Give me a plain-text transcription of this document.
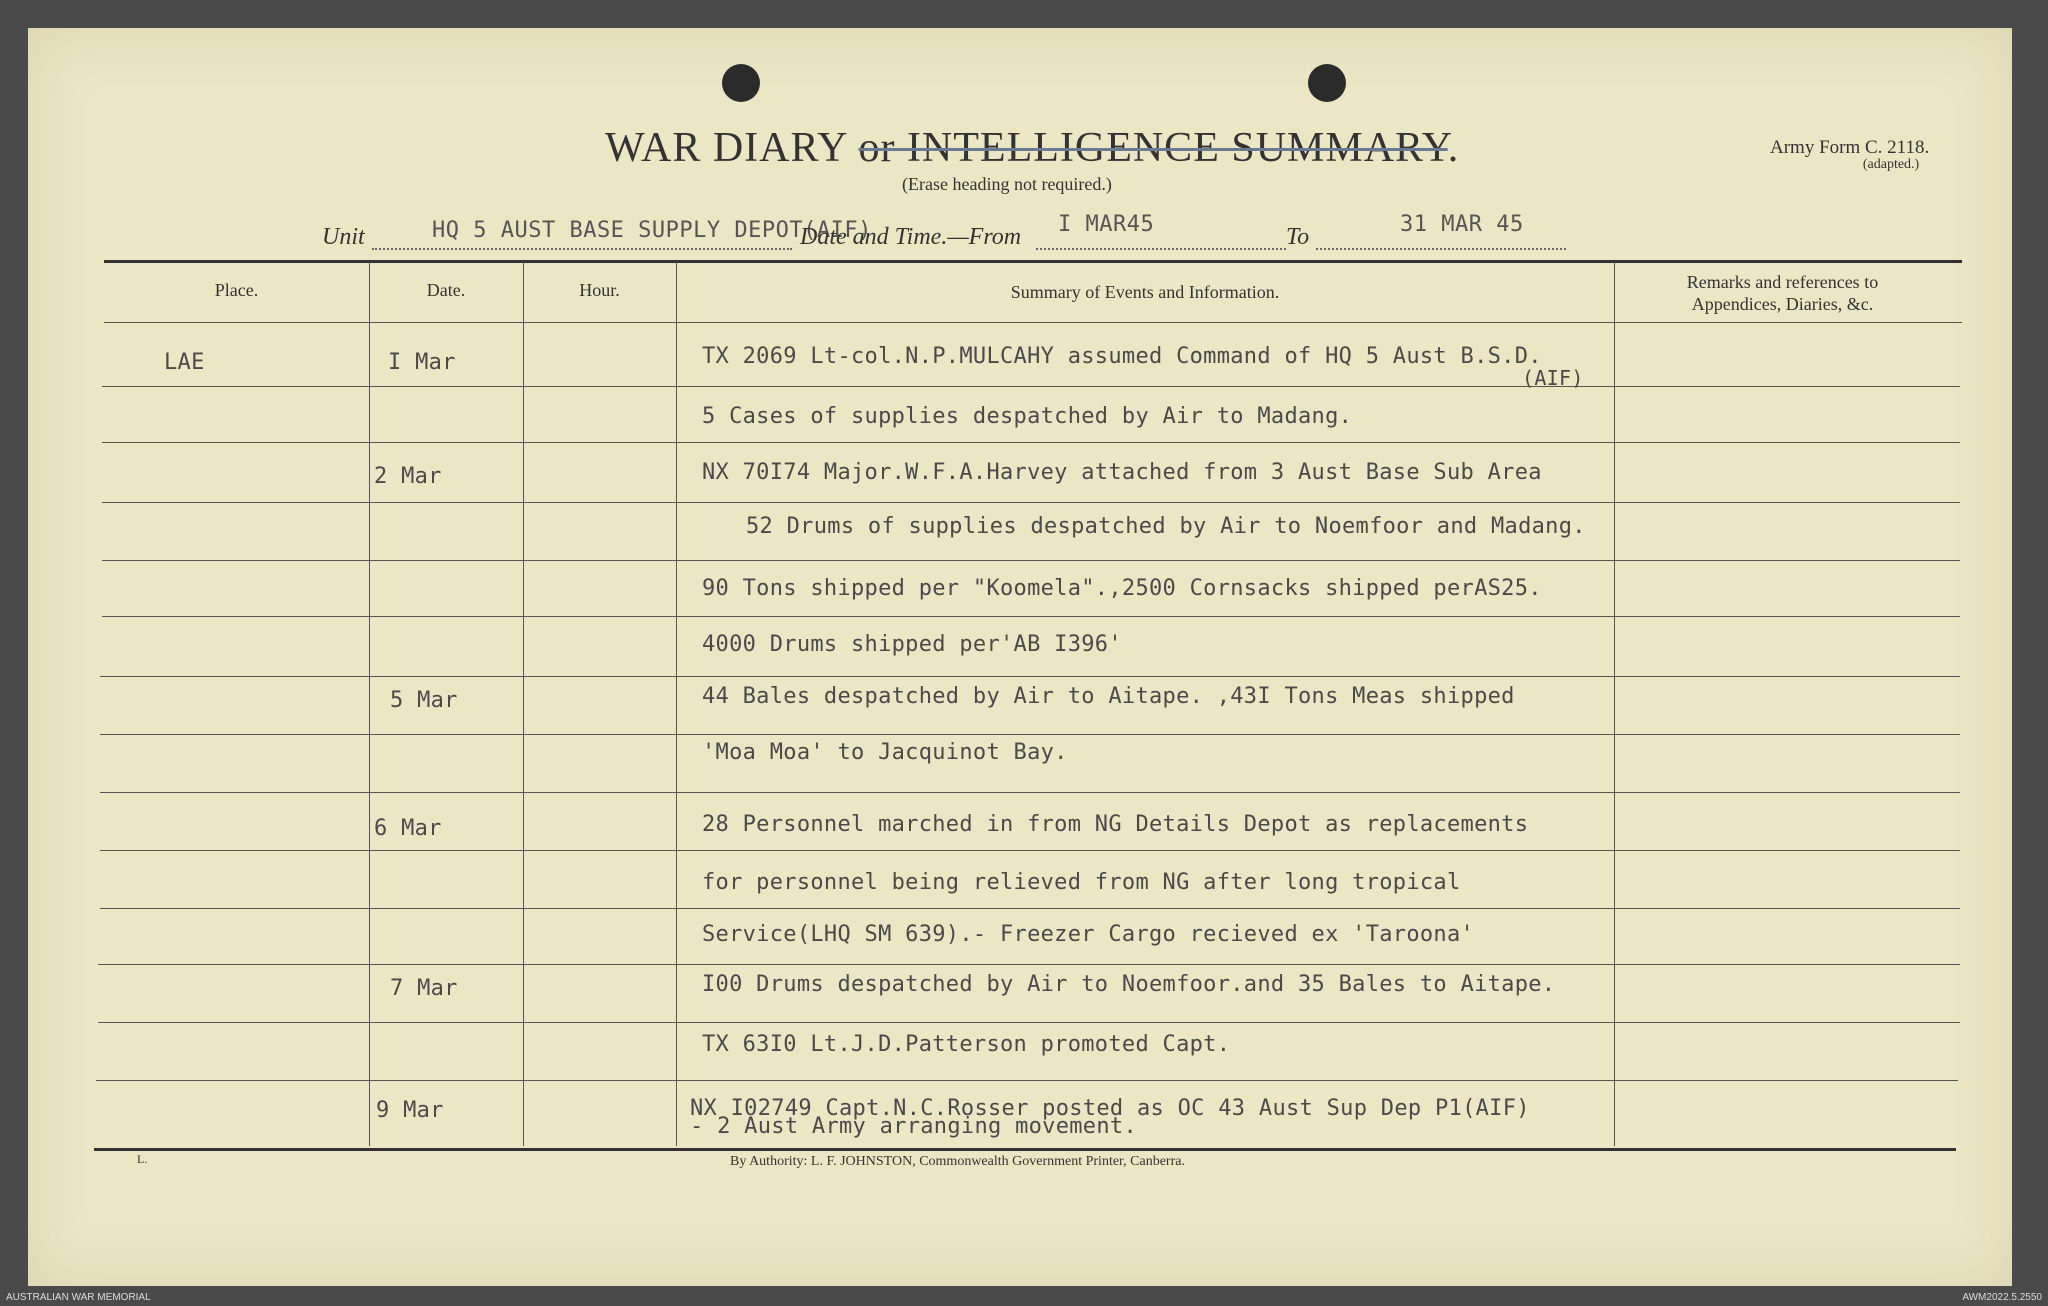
WAR DIARY or INTELLIGENCE SUMMARY.
(Erase heading not required.)
Army Form C. 2118.
(adapted.)
Unit	HQ 5 AUST BASE SUPPLY DEPOT(AIF)
Date and Time.—From I MAR45	To	31 MAR 45
Place.	Date.	Hour.	Summary of Events and Information.	Remarks and references to Appendices, Diaries, &c.
LAE	I Mar	TX 2069 Lt-col.N.P.MULCAHY assumed Command of HQ 5 Aust B.S.D.
(AIF)
5 Cases of supplies despatched by Air to Madang.
2 Mar	NX 70I74 Major.W.F.A.Harvey attached from 3 Aust Base Sub Area
52 Drums of supplies despatched by Air to Noemfoor and Madang.
90 Tons shipped per "Koomela".,2500 Cornsacks shipped perAS25.
4000 Drums shipped per'AB I396'
5 Mar	44 Bales despatched by Air to Aitape. ,43I Tons Meas shipped
'Moa Moa' to Jacquinot Bay.
6 Mar	28 Personnel marched in from NG Details Depot as replacements
for personnel being relieved from NG after long tropical
Service(LHQ SM 639).- Freezer Cargo recieved ex 'Taroona'
7 Mar	I00 Drums despatched by Air to Noemfoor.and 35 Bales to Aitape.
TX 63I0 Lt.J.D.Patterson promoted Capt.
9 Mar	NX I02749 Capt.N.C.Rosser posted as OC 43 Aust Sup Dep P1(AIF)
- 2 Aust Army arranging movement.
L.	By Authority: L. F. JOHNSTON, Commonwealth Government Printer, Canberra.
AUSTRALIAN WAR MEMORIAL	AWM2022.5.2550
